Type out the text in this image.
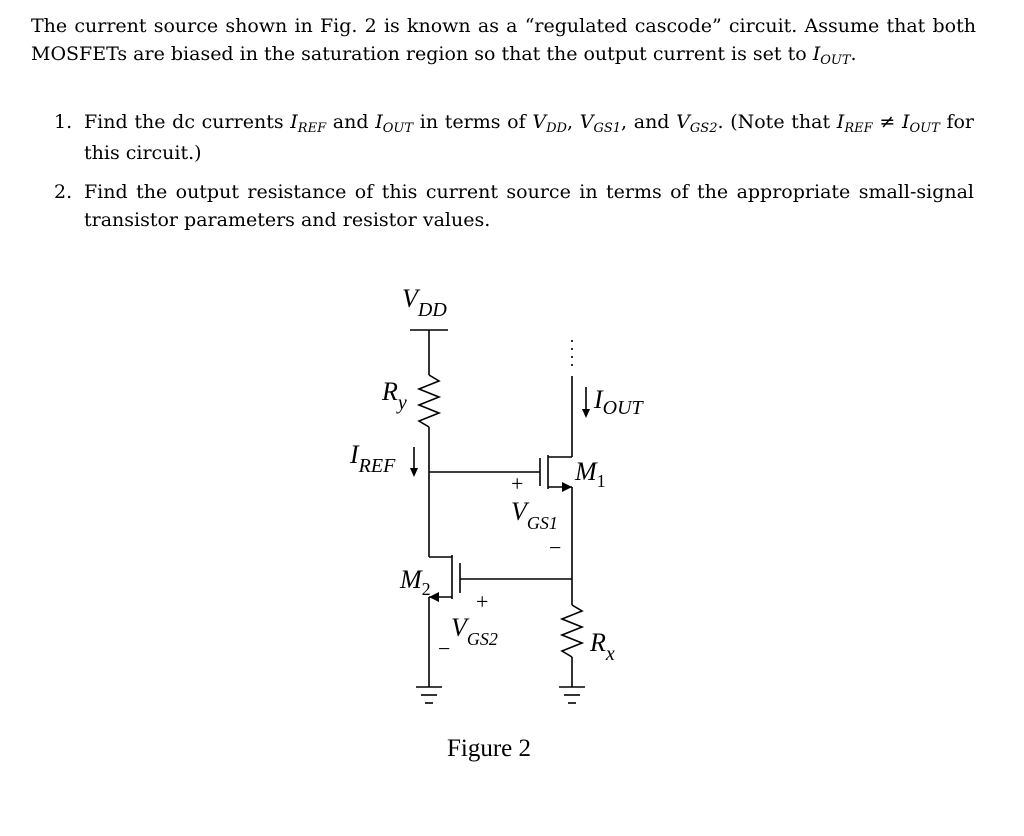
The current source shown in Fig. 2 is known as a “regulated cascode” circuit. Assume that both MOSFETs are biased in the saturation region so that the output current is set to $I_{OUT}$.
1. Find the dc currents $I_{REF}$ and $I_{OUT}$ in terms of $V_{DD}$, $V_{GS1}$, and $V_{GS2}$. (Note that $I_{REF} \ne I_{OUT}$ for this circuit.)
2. Find the output resistance of this current source in terms of the appropriate small-signal transistor parameters and resistor values.
$V_{DD}$
$R_y$
$I_{REF}$
$I_{OUT}$
$M_1$
$M_2$
+
$V_{GS1}$
−
+
$V_{GS2}$
−	$R_x$
Figure 2
